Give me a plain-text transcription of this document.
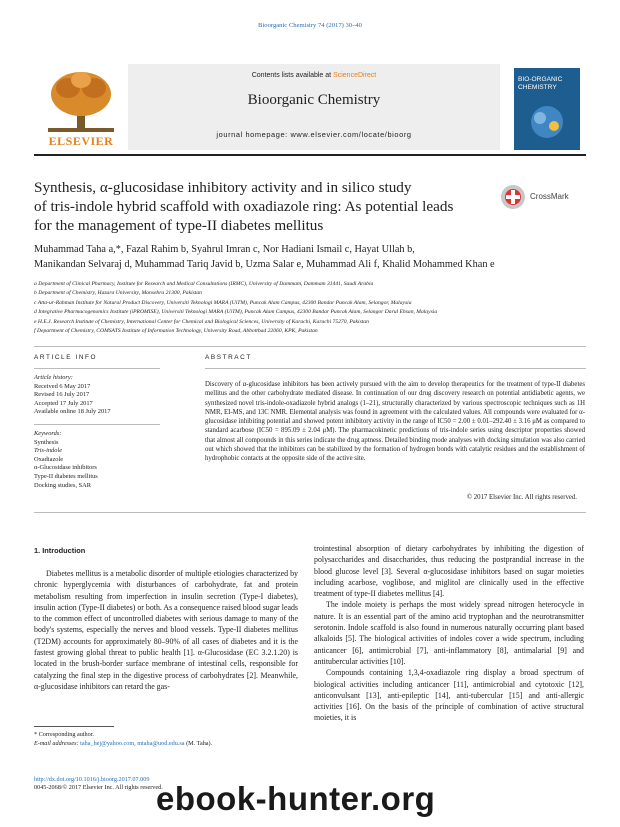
Bioorganic Chemistry 74 (2017) 30–40
ELSEVIER
Contents lists available at ScienceDirect
Bioorganic Chemistry
journal homepage: www.elsevier.com/locate/bioorg
BIO-ORGANIC CHEMISTRY
Synthesis, α-glucosidase inhibitory activity and in silico study
of tris-indole hybrid scaffold with oxadiazole ring: As potential leads
for the management of type-II diabetes mellitus
CrossMark
Muhammad Taha a,*, Fazal Rahim b, Syahrul Imran c, Nor Hadiani Ismail c, Hayat Ullah b,
Manikandan Selvaraj d, Muhammad Tariq Javid b, Uzma Salar e, Muhammad Ali f, Khalid Mohammed Khan e
a Department of Clinical Pharmacy, Institute for Research and Medical Consultations (IRMC), University of Dammam, Dammam 31441, Saudi Arabia
b Department of Chemistry, Hazara University, Mansehra 21300, Pakistan
c Atta-ur-Rahman Institute for Natural Product Discovery, Universiti Teknologi MARA (UiTM), Puncak Alam Campus, 42300 Bandar Puncak Alam, Selangor, Malaysia
d Integrative Pharmacogenomics Institute (iPROMISE), Universiti Teknologi MARA (UiTM), Puncak Alam Campus, 42300 Bandar Puncak Alam, Selangor Darul Ehsan, Malaysia
e H.E.J. Research Institute of Chemistry, International Center for Chemical and Biological Sciences, University of Karachi, Karachi 75270, Pakistan
f Department of Chemistry, COMSATS Institute of Information Technology, University Road, Abbottbad 22060, KPK, Pakistan
ARTICLE INFO	ABSTRACT
Article history:
Received 6 May 2017
Revised 16 July 2017
Accepted 17 July 2017
Available online 18 July 2017
Keywords:
Synthesis
Tris-indole
Oxadiazole
α-Glucosidase inhibitors
Type-II diabetes mellitus
Docking studies, SAR
Discovery of α-glucosidase inhibitors has been actively pursued with the aim to develop therapeutics for the treatment of type-II diabetes mellitus and the other carbohydrate mediated disease. In continuation of our drug discovery research on potential antidiabetic agents, we synthesized novel tris-indole-oxadiazole hybrid analogs (1–21), structurally characterized by various spectroscopic techniques such as 1H NMR, EI-MS, and 13C NMR. Elemental analysis was found in agreement with the calculated values. All compounds were evaluated for α-glucosidase inhibiting potential and showed potent inhibitory activity in the range of IC50 = 2.00 ± 0.01–292.40 ± 3.16 μM as compared to standard acarbose (IC50 = 895.09 ± 2.04 μM). The pharmacokinetic predictions of tris-indole series using descriptor properties showed that almost all compounds in this series indicate the drug aptness. Detailed binding mode analyses with docking simulation was also carried out which showed that the inhibitors can be stabilized by the formation of hydrogen bonds with catalytic residues and the establishment of hydrophobic contacts at the opposite side of the active site.
© 2017 Elsevier Inc. All rights reserved.
1. Introduction

Diabetes mellitus is a metabolic disorder of multiple etiologies characterized by chronic hyperglycemia with disturbances of carbohydrate, fat and protein metabolism resulting from imperfection in insulin secretion (Type-I diabetes), insulin action (Type-II diabetes) or both. As a consequence raised blood sugar leads to the common effect of uncontrolled diabetes with serious damage to many of the body's systems, especially the nerves and blood vessels. Type-II diabetes mellitus (T2DM) accounts for approximately 80–90% of all cases of diabetes and it is the fastest growing global threat to public health [1]. α-Glucosidase (EC 3.2.1.20) is located in the brush-border surface membrane of intestinal cells, responsible for catalyzing the final step in the digestive process of carbohydrates [2]. Meanwhile, α-glucosidase inhibitors can retard the gas-

trointestinal absorption of dietary carbohydrates by inhibiting the digestion of polysaccharides and disaccharides, thus reducing the postprandial increase in the blood glucose level [3]. Several α-glucosidase inhibitors based on sugar moieties including acarbose, voglibose, and miglitol are clinically used in the effective treatment of type-II diabetes mellitus [4].

The indole moiety is perhaps the most widely spread nitrogen heterocycle in nature. It is an essential part of the amino acid tryptophan and the neurotransmitter serotonin. Indole scaffold is also found in numerous naturally occurring plant based alkaloids [5]. The biological activities of indoles cover a wide spectrum, including anticancer [6], antimicrobial [7], anti-inflammatory [8], antimalarial [9] and antitubercular activities [10].

Compounds containing 1,3,4-oxadiazole ring display a broad spectrum of biological activities including anticancer [11], antimicrobial and cytotoxic [12], anticonvulsant [13], anti-epileptic [14], anti-tubercular [15] and anti-allergic activities [16]. On the basis of the principle of combination of active structural moieties, it is

* Corresponding author.
E-mail addresses: taha_hej@yahoo.com, mtaha@uod.edu.sa (M. Taha).
http://dx.doi.org/10.1016/j.bioorg.2017.07.009
0045-2068/© 2017 Elsevier Inc. All rights reserved.
ebook-hunter.org
